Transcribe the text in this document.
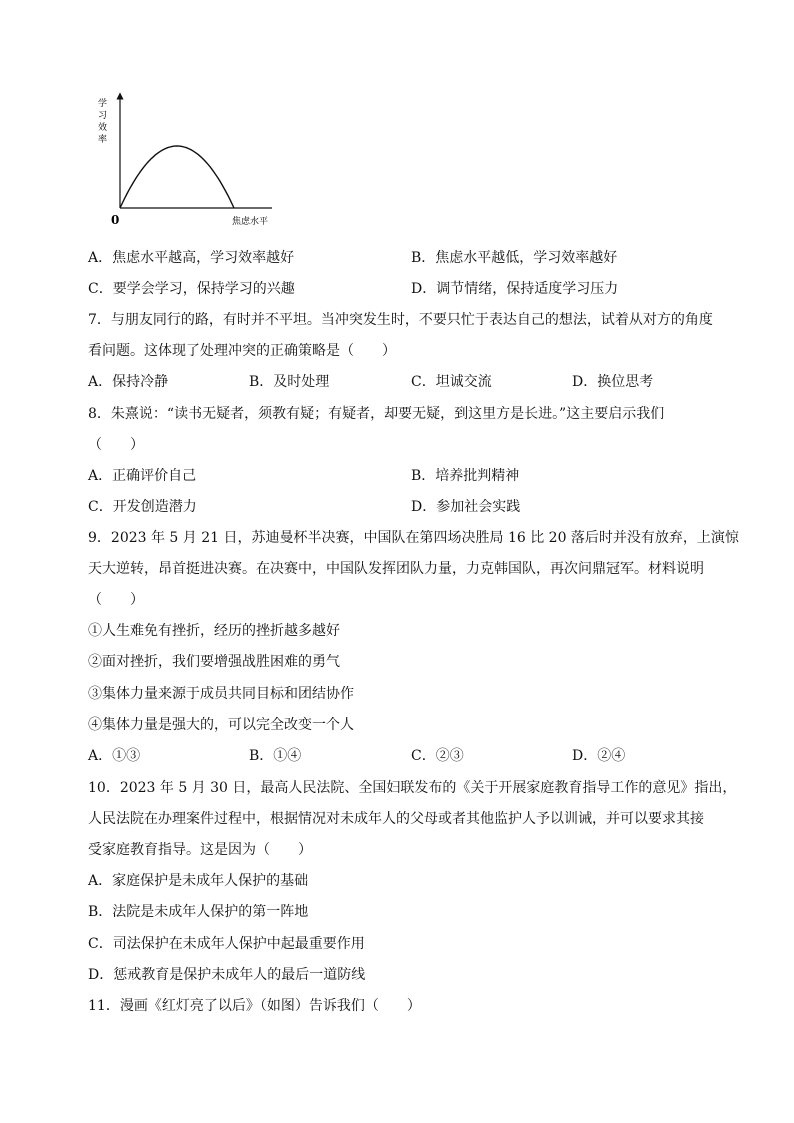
学
习
效
率
0	焦虑水平
A．焦虑水平越高，学习效率越好	B．焦虑水平越低，学习效率越好
C．要学会学习，保持学习的兴趣	D．调节情绪，保持适度学习压力
7．与朋友同行的路，有时并不平坦。当冲突发生时，不要只忙于表达自己的想法，试着从对方的角度
看问题。这体现了处理冲突的正确策略是（　　）
A．保持冷静	B．及时处理	C．坦诚交流	D．换位思考
8．朱熹说：“读书无疑者，须教有疑；有疑者，却要无疑，到这里方是长进。”这主要启示我们
（　　）
A．正确评价自己	B．培养批判精神
C．开发创造潜力	D．参加社会实践
9．2023 年 5 月 21 日，苏迪曼杯半决赛，中国队在第四场决胜局 16 比 20 落后时并没有放弃，上演惊
天大逆转，昂首挺进决赛。在决赛中，中国队发挥团队力量，力克韩国队，再次问鼎冠军。材料说明
（　　）
①人生难免有挫折，经历的挫折越多越好
②面对挫折，我们要增强战胜困难的勇气
③集体力量来源于成员共同目标和团结协作
④集体力量是强大的，可以完全改变一个人
A．①③	B．①④	C．②③	D．②④
10．2023 年 5 月 30 日，最高人民法院、全国妇联发布的《关于开展家庭教育指导工作的意见》指出，
人民法院在办理案件过程中，根据情况对未成年人的父母或者其他监护人予以训诫，并可以要求其接
受家庭教育指导。这是因为（　　）
A．家庭保护是未成年人保护的基础
B．法院是未成年人保护的第一阵地
C．司法保护在未成年人保护中起最重要作用
D．惩戒教育是保护未成年人的最后一道防线
11．漫画《红灯亮了以后》（如图）告诉我们（　　）
